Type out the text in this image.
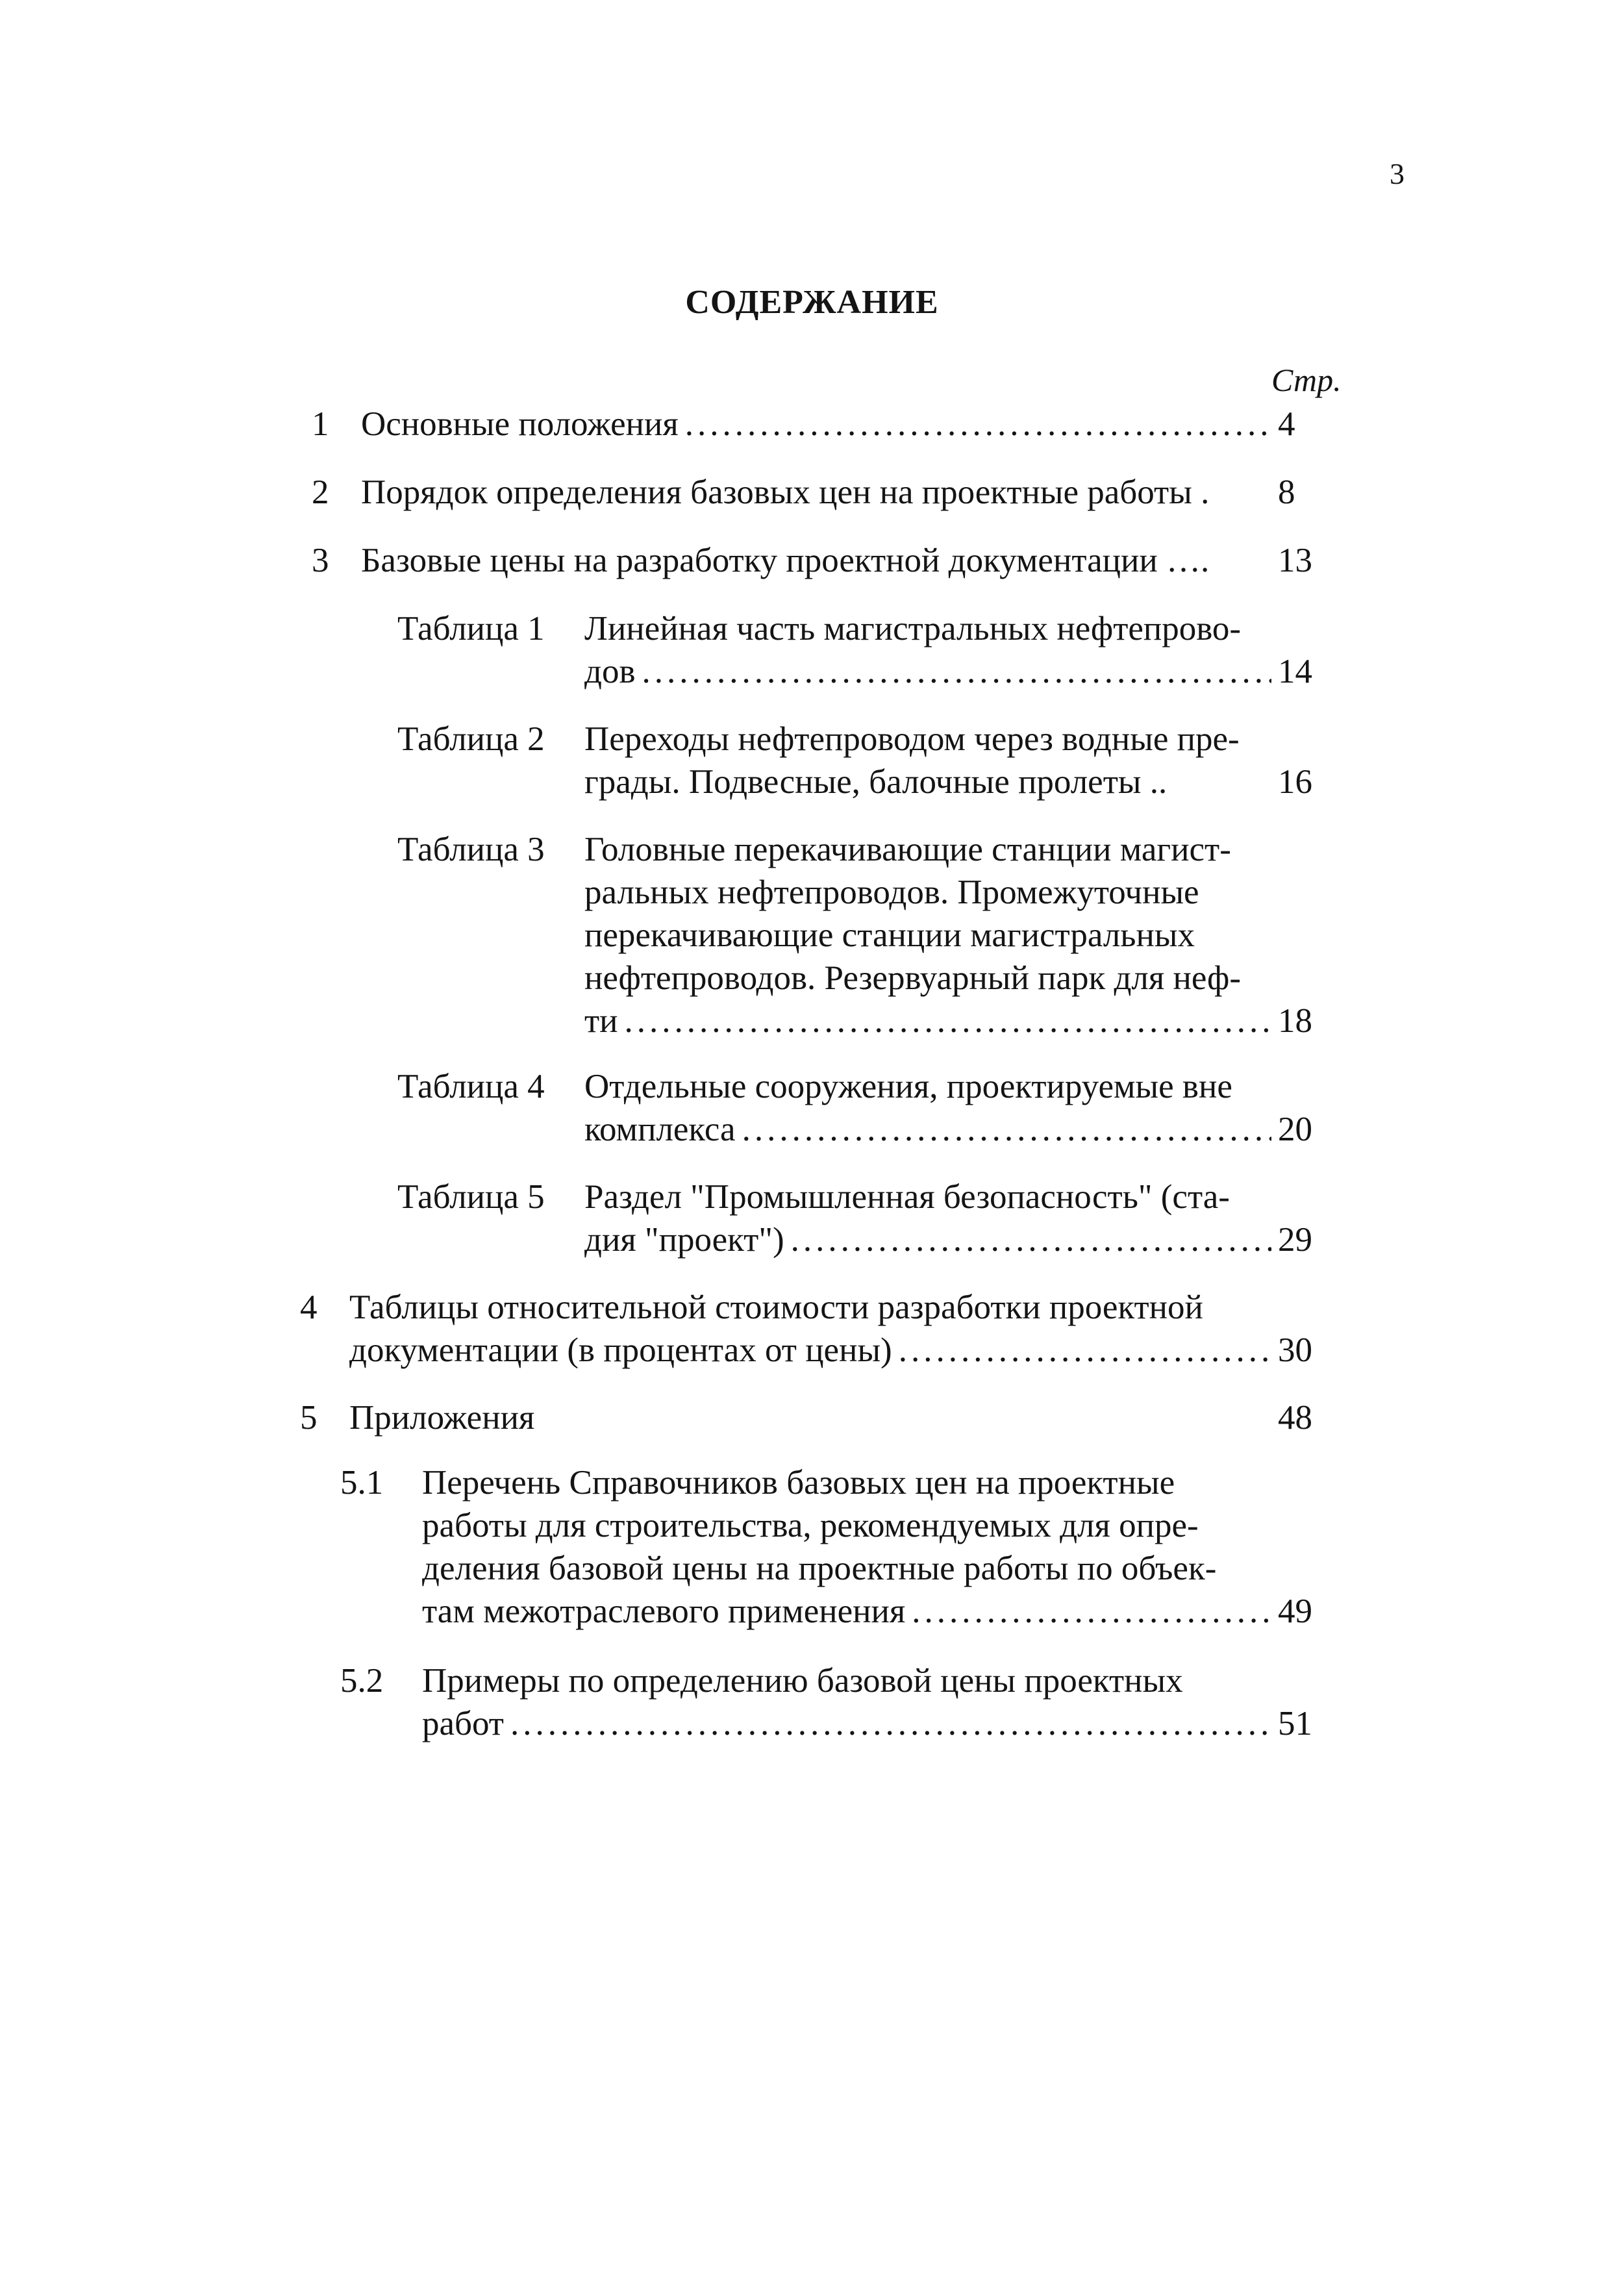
3
СОДЕРЖАНИЕ
Стр.
1 Основные положения .....	4
2 Порядок определения базовых цен на проектные работы . 8
3 Базовые цены на разработку проектной документации …. 13
Таблица 1 Линейная часть магистральных нефтепрово-
дов .....	14
Таблица 2 Переходы нефтепроводом через водные пре-
грады. Подвесные, балочные пролеты ..	16
Таблица 3 Головные перекачивающие станции магист-
ральных нефтепроводов. Промежуточные
перекачивающие станции магистральных
нефтепроводов. Резервуарный парк для неф-
ти .....	18
Таблица 4 Отдельные сооружения, проектируемые вне
комплекса .....	20
Таблица 5 Раздел "Промышленная безопасность" (ста-
дия "проект") .....	29
4 Таблицы относительной стоимости разработки проектной
документации (в процентах от цены) .....	30
5 Приложения	48
5.1 Перечень Справочников базовых цен на проектные
работы для строительства, рекомендуемых для опре-
деления базовой цены на проектные работы по объек-
там межотраслевого применения .....	49
5.2 Примеры по определению базовой цены проектных
работ .....	51
